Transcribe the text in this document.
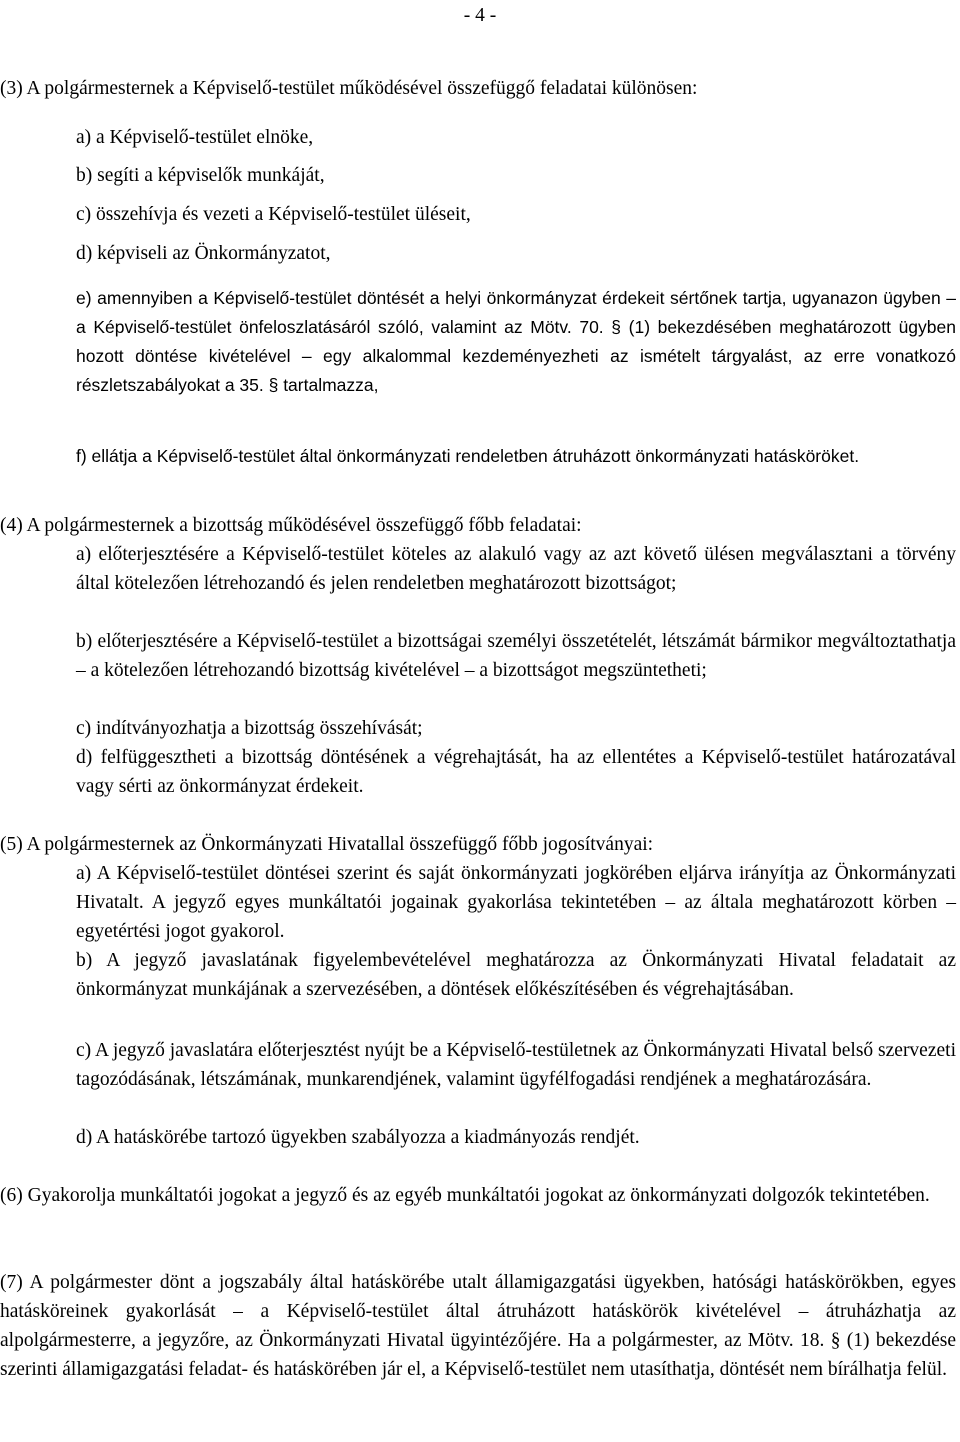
- 4 -

(3) A polgármesternek a Képviselő-testület működésével összefüggő feladatai különösen:

a) a Képviselő-testület elnöke,

b) segíti a képviselők munkáját,

c) összehívja és vezeti a Képviselő-testület üléseit,

d) képviseli az Önkormányzatot,

e) amennyiben a Képviselő-testület döntését a helyi önkormányzat érdekeit sértőnek tartja, ugyanazon ügyben – a Képviselő-testület önfeloszlatásáról szóló, valamint az Mötv. 70. § (1) bekezdésében meghatározott ügyben hozott döntése kivételével – egy alkalommal kezdeményezheti az ismételt tárgyalást, az erre vonatkozó részletszabályokat a 35. § tartalmazza,

f) ellátja a Képviselő-testület által önkormányzati rendeletben átruházott önkormányzati hatásköröket.

(4) A polgármesternek a bizottság működésével összefüggő főbb feladatai:

a) előterjesztésére a Képviselő-testület köteles az alakuló vagy az azt követő ülésen megválasztani a törvény által kötelezően létrehozandó és jelen rendeletben meghatározott bizottságot;

b) előterjesztésére a Képviselő-testület a bizottságai személyi összetételét, létszámát bármikor megváltoztathatja – a kötelezően létrehozandó bizottság kivételével – a bizottságot megszüntetheti;

c) indítványozhatja a bizottság összehívását;

d) felfüggesztheti a bizottság döntésének a végrehajtását, ha az ellentétes a Képviselő-testület határozatával vagy sérti az önkormányzat érdekeit.

(5) A polgármesternek az Önkormányzati Hivatallal összefüggő főbb jogosítványai:

a) A Képviselő-testület döntései szerint és saját önkormányzati jogkörében eljárva irányítja az Önkormányzati Hivatalt. A jegyző egyes munkáltatói jogainak gyakorlása tekintetében – az általa meghatározott körben – egyetértési jogot gyakorol.

b) A jegyző javaslatának figyelembevételével meghatározza az Önkormányzati Hivatal feladatait az önkormányzat munkájának a szervezésében, a döntések előkészítésében és végrehajtásában.

c) A jegyző javaslatára előterjesztést nyújt be a Képviselő-testületnek az Önkormányzati Hivatal belső szervezeti tagozódásának, létszámának, munkarendjének, valamint ügyfélfogadási rendjének a meghatározására.

d) A hatáskörébe tartozó ügyekben szabályozza a kiadmányozás rendjét.

(6) Gyakorolja munkáltatói jogokat a jegyző és az egyéb munkáltatói jogokat az önkormányzati dolgozók tekintetében.

(7) A polgármester dönt a jogszabály által hatáskörébe utalt államigazgatási ügyekben, hatósági hatáskörökben, egyes hatásköreinek gyakorlását – a Képviselő-testület által átruházott hatáskörök kivételével – átruházhatja az alpolgármesterre, a jegyzőre, az Önkormányzati Hivatal ügyintézőjére. Ha a polgármester, az Mötv. 18. § (1) bekezdése szerinti államigazgatási feladat- és hatáskörében jár el, a Képviselő-testület nem utasíthatja, döntését nem bírálhatja felül.
